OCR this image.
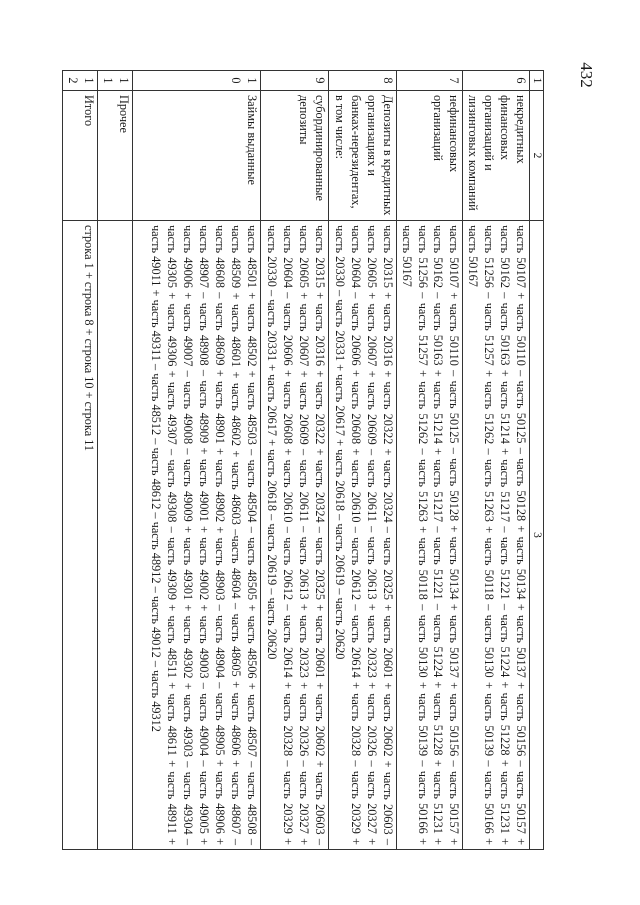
432
1	2	3
6	некредитных финансовых организаций и лизинговых компаний	часть 50107 + часть 50110 – часть 50125 – часть 50128 + часть 50134 + часть 50137 + часть 50156 – часть 50157 + часть 50162 – часть 50163 + часть 51214 + часть 51217 – часть 51221 – часть 51224 + часть 51228 + часть 51231 + часть 51256 – часть 51257 + часть 51262 – часть 51263 + часть 50118 – часть 50130 + часть 50139 – часть 50166 + часть 50167
7	нефинансовых организаций	часть 50107 + часть 50110 – часть 50125 – часть 50128 + часть 50134 + часть 50137 + часть 50156 – часть 50157 + часть 50162 – часть 50163 + часть 51214 + часть 51217 – часть 51221 – часть 51224 + часть 51228 + часть 51231 + часть 51256 – часть 51257 + часть 51262 – часть 51263 + часть 50118 – часть 50130 + часть 50139 – часть 50166 + часть 50167
8	Депозиты в кредитных организациях и банках-нерезидентах, в том числе:	часть 20315 + часть 20316 + часть 20322 + часть 20324 – часть 20325 + часть 20601 + часть 20602 + часть 20603 – часть 20605 + часть 20607 + часть 20609 – часть 20611 – часть 20613 + часть 20323 + часть 20326 – часть 20327 + часть 20604 – часть 20606 + часть 20608 + часть 20610 – часть 20612 – часть 20614 + часть 20328 – часть 20329 + часть 20330 – часть 20331 + часть 20617 + часть 20618 – часть 20619 – часть 20620
9	субординированные депозиты	часть 20315 + часть 20316 + часть 20322 + часть 20324 – часть 20325 + часть 20601 + часть 20602 + часть 20603 – часть 20605 + часть 20607 + часть 20609 – часть 20611 – часть 20613 + часть 20323 + часть 20326 – часть 20327 + часть 20604 – часть 20606 + часть 20608 + часть 20610 – часть 20612 – часть 20614 + часть 20328 – часть 20329 + часть 20330 – часть 20331 + часть 20617 + часть 20618 – часть 20619 – часть 20620
10	Займы выданные	часть 48501 + часть 48502 + часть 48503 – часть 48504 – часть 48505 + часть 48506 + часть 48507 – часть 48508 – часть 48509 + часть 48601 + часть 48602 + часть 48603 –часть 48604 – часть 48605 + часть 48606 + часть 48607 – часть 48608 – часть 48609 + часть 48901 + часть 48902 + часть 48903 – часть 48904 – часть 48905 + часть 48906 + часть 48907 – часть 48908 – часть 48909 + часть 49001 + часть 49002 + часть 49003 – часть 49004 – часть 49005 + часть 49006 + часть 49007 – часть 49008 – часть 49009 + часть 49301 + часть 49302 + часть 49303 – часть 49304 – часть 49305 + часть 49306 + часть 49307 – часть 49308 – часть 49309 + часть 48511 + часть 48611 + часть 48911 + часть 49011 + часть 49311 – часть 48512 – часть 48612 – часть 48912 – часть 49012 – часть 49312
11	Прочее	
12	Итого	строка 1 + строка 8 + строка 10 + строка 11
